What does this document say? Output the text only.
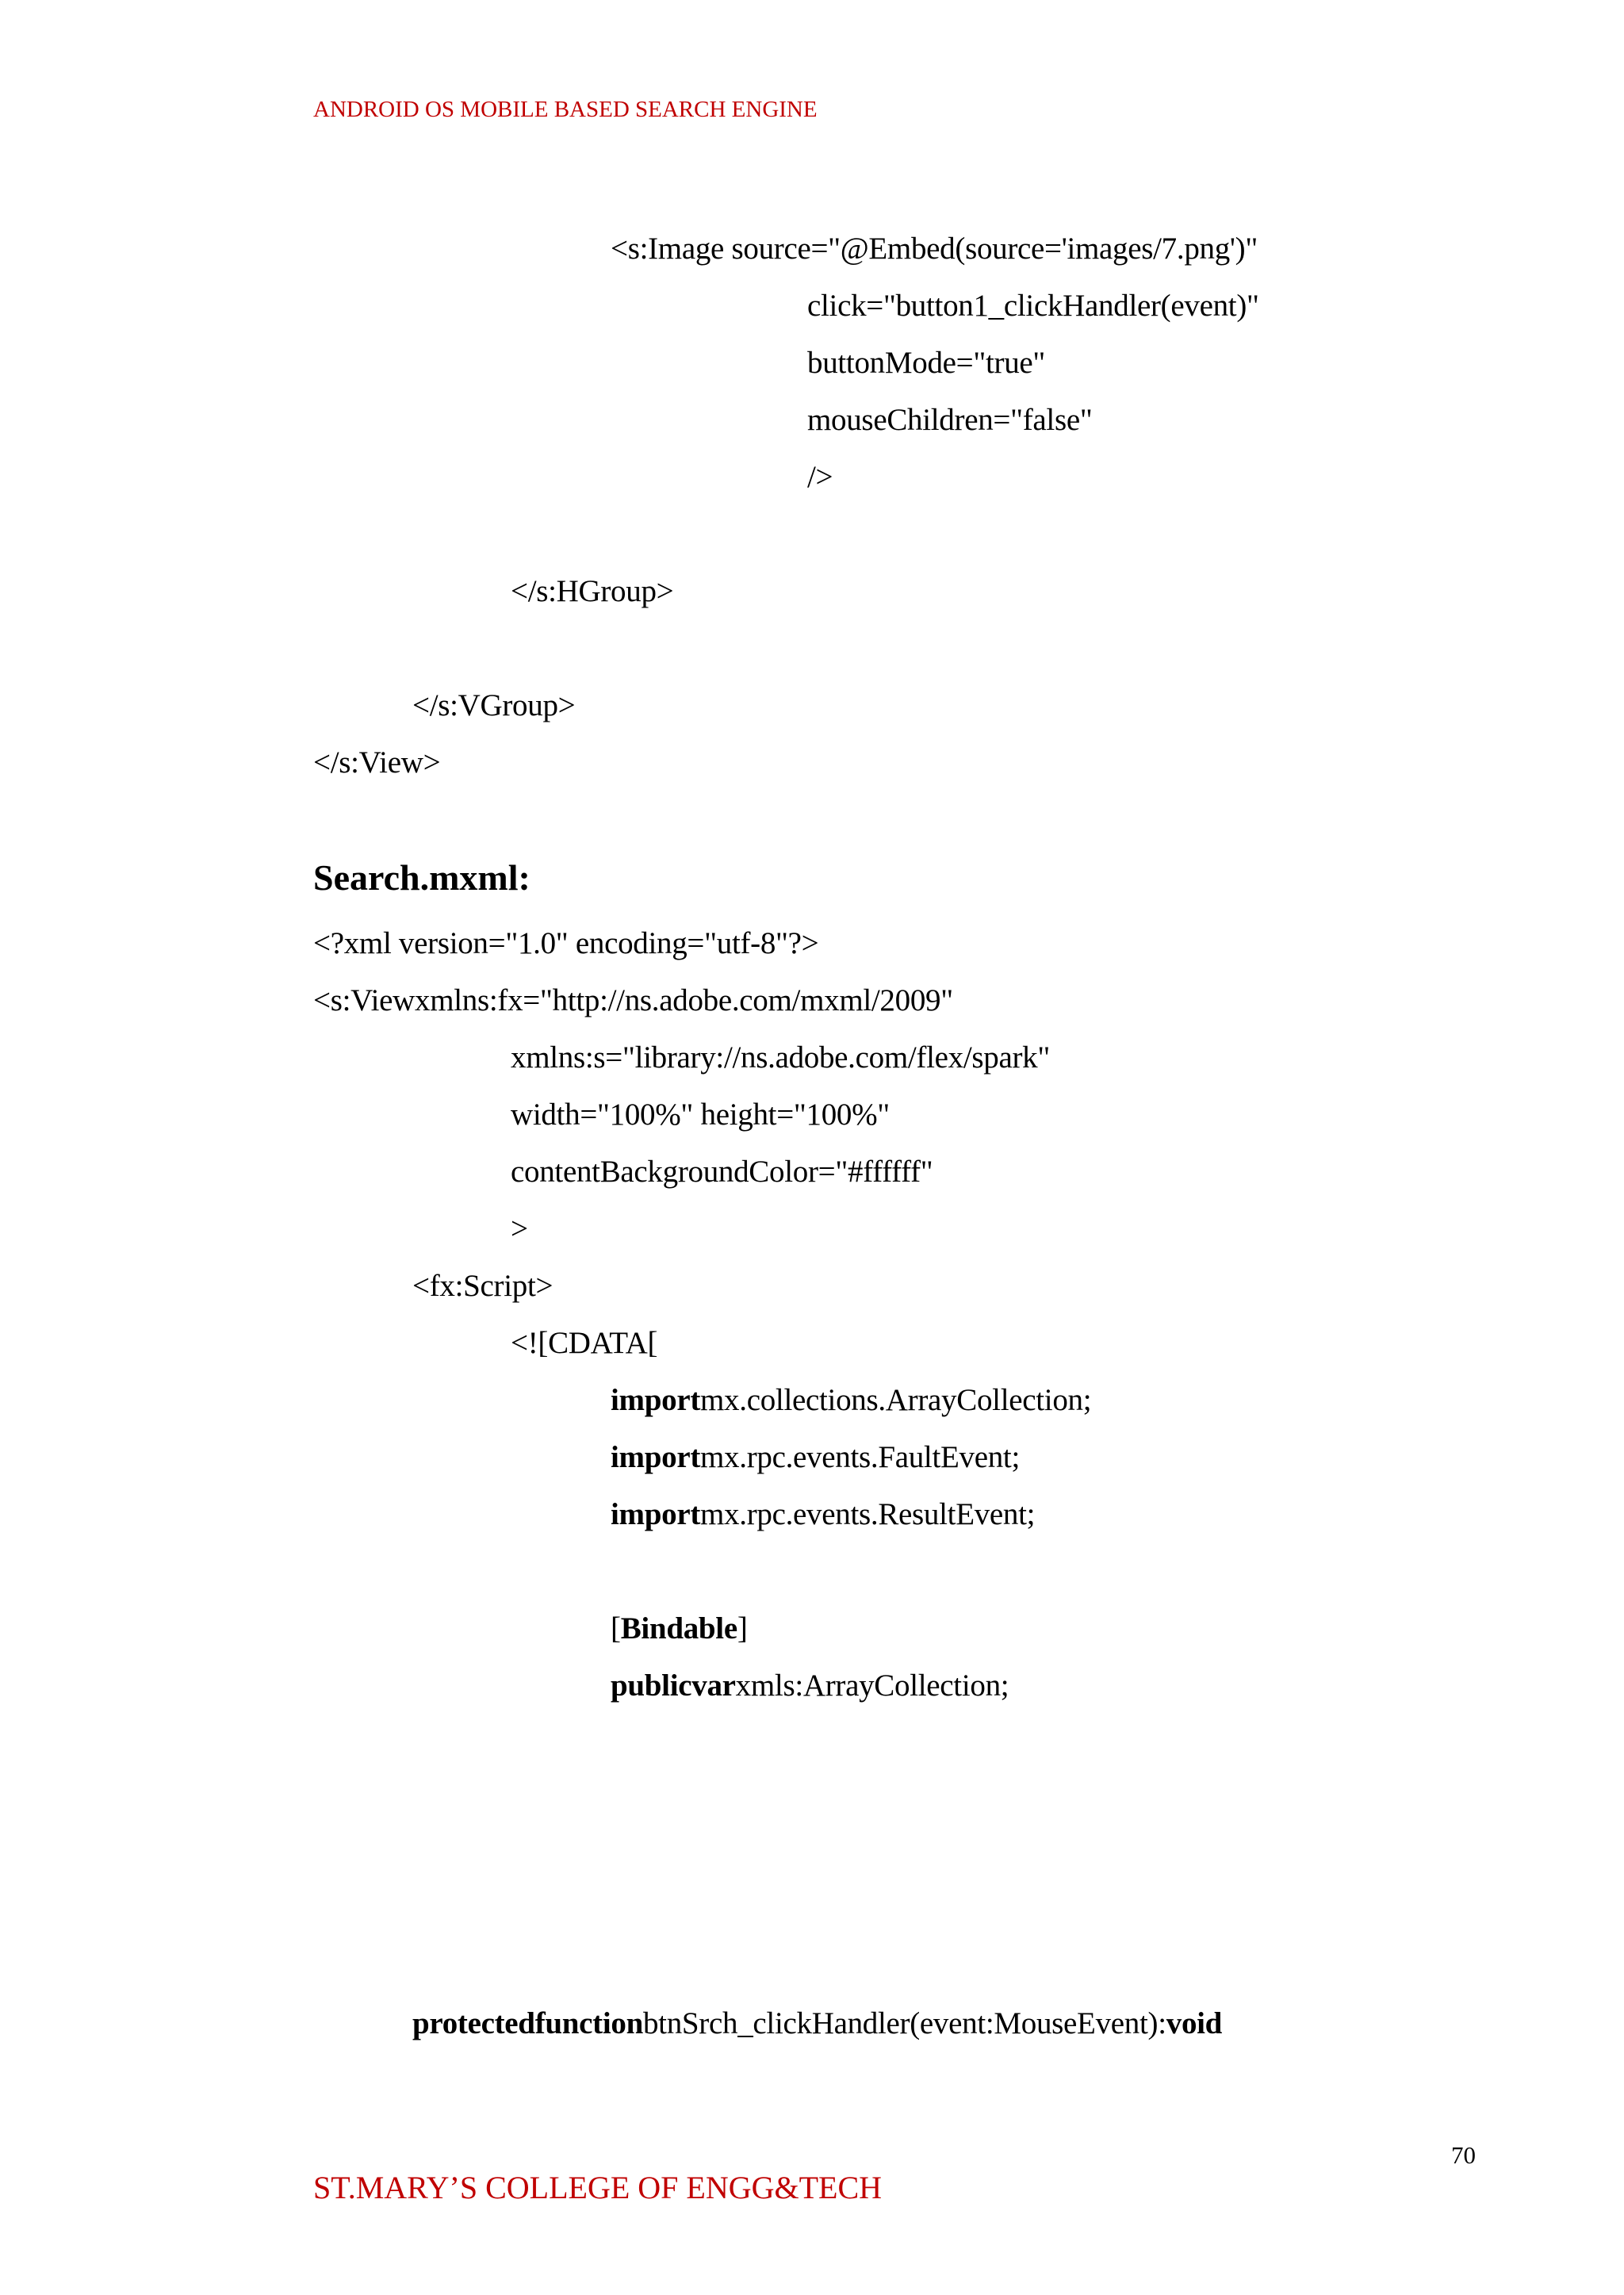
ANDROID OS MOBILE BASED SEARCH ENGINE
<s:Image source="@Embed(source='images/7.png')"
click="button1_clickHandler(event)"
buttonMode="true"
mouseChildren="false"
/>
</s:HGroup>
</s:VGroup>
</s:View>
Search.mxml:
<?xml version="1.0" encoding="utf-8"?>
<s:Viewxmlns:fx="http://ns.adobe.com/mxml/2009"
xmlns:s="library://ns.adobe.com/flex/spark"
width="100%" height="100%"
contentBackgroundColor="#ffffff"
>
<fx:Script>
<![CDATA[
importmx.collections.ArrayCollection;
importmx.rpc.events.FaultEvent;
importmx.rpc.events.ResultEvent;
[Bindable]
publicvarxmls:ArrayCollection;
protectedfunctionbtnSrch_clickHandler(event:MouseEvent):void
70
ST.MARY’S COLLEGE OF ENGG&TECH
